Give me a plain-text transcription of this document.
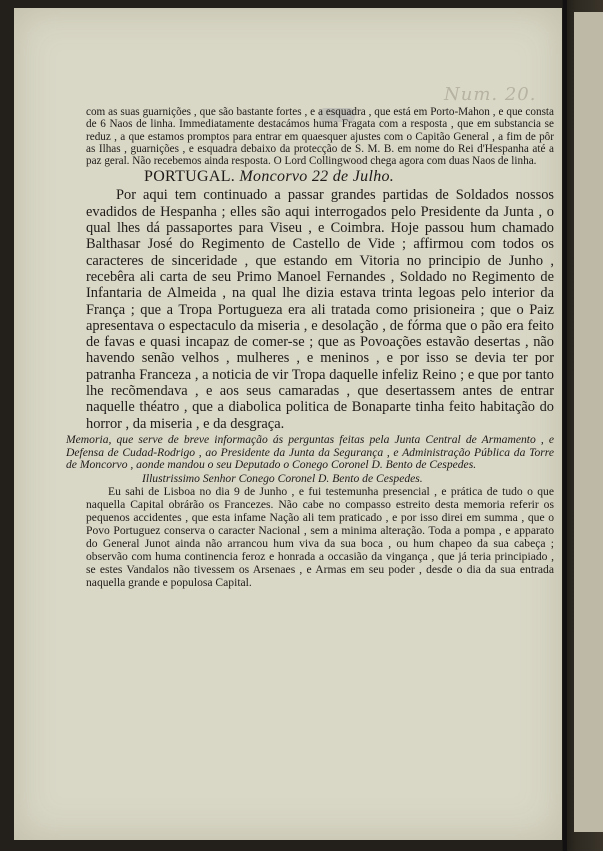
Num. 20.

com as suas guarnições , que são bastante fortes , e a esquadra , que está em Porto-Mahon , e que consta de 6 Naos de linha. Immediatamente destacámos huma Fragata com a resposta , que em substancia se reduz , a que estamos promptos para entrar em quaesquer ajustes com o Capitão General , a fim de pôr as Ilhas , guarnições , e esquadra debaixo da protecção de S. M. B. em nome do Rei d'Hespanha até a paz geral. Não recebemos ainda resposta. O Lord Collingwood chega agora com duas Naos de linha.

PORTUGAL. Moncorvo 22 de Julho.

Por aqui tem continuado a passar grandes partidas de Soldados nossos evadidos de Hespanha ; elles são aqui interrogados pelo Presidente da Junta , o qual lhes dá passaportes para Viseu , e Coimbra. Hoje passou hum chamado Balthasar José do Regimento de Castello de Vide ; affirmou com todos os caracteres de sinceridade , que estando em Vitoria no principio de Junho , recebêra ali carta de seu Primo Manoel Fernandes , Soldado no Regimento de Infantaria de Almeida , na qual lhe dizia estava trinta legoas pelo interior da França ; que a Tropa Portugueza era ali tratada como prisioneira ; que o Paiz apresentava o espectaculo da miseria , e desolação , de fórma que o pão era feito de favas e quasi incapaz de comer-se ; que as Povoações estavão desertas , não havendo senão velhos , mulheres , e meninos , e por isso se devia ter por patranha Franceza , a noticia de vir Tropa daquelle infeliz Reino ; e que por tanto lhe recõmendava , e aos seus camaradas , que desertassem antes de entrar naquelle théatro , que a diabolica politica de Bonaparte tinha feito habitação do horror , da miseria , e da desgraça.

Memoria, que serve de breve informação ás perguntas feitas pela Junta Central de Armamento , e Defensa de Cudad-Rodrigo , ao Presidente da Junta da Segurança , e Administração Pública da Torre de Moncorvo , aonde mandou o seu Deputado o Conego Coronel D. Bento de Cespedes.

Illustrissimo Senhor Conego Coronel D. Bento de Cespedes.

Eu sahi de Lisboa no dia 9 de Junho , e fui testemunha presencial , e prática de tudo o que naquella Capital obrárão os Francezes. Não cabe no compasso estreito desta memoria referir os pequenos accidentes , que esta infame Nação ali tem praticado , e por isso direi em summa , que o Povo Portuguez conserva o caracter Nacional , sem a minima alteração. Toda a pompa , e apparato do General Junot ainda não arrancou hum viva da sua boca , ou hum chapeo da sua cabeça ; observão com huma continencia feroz e honrada a occasião da vingança , que já teria principiado , se estes Vandalos não tivessem os Arsenaes , e Armas em seu poder , desde o dia da sua entrada naquella grande e populosa Capital.
